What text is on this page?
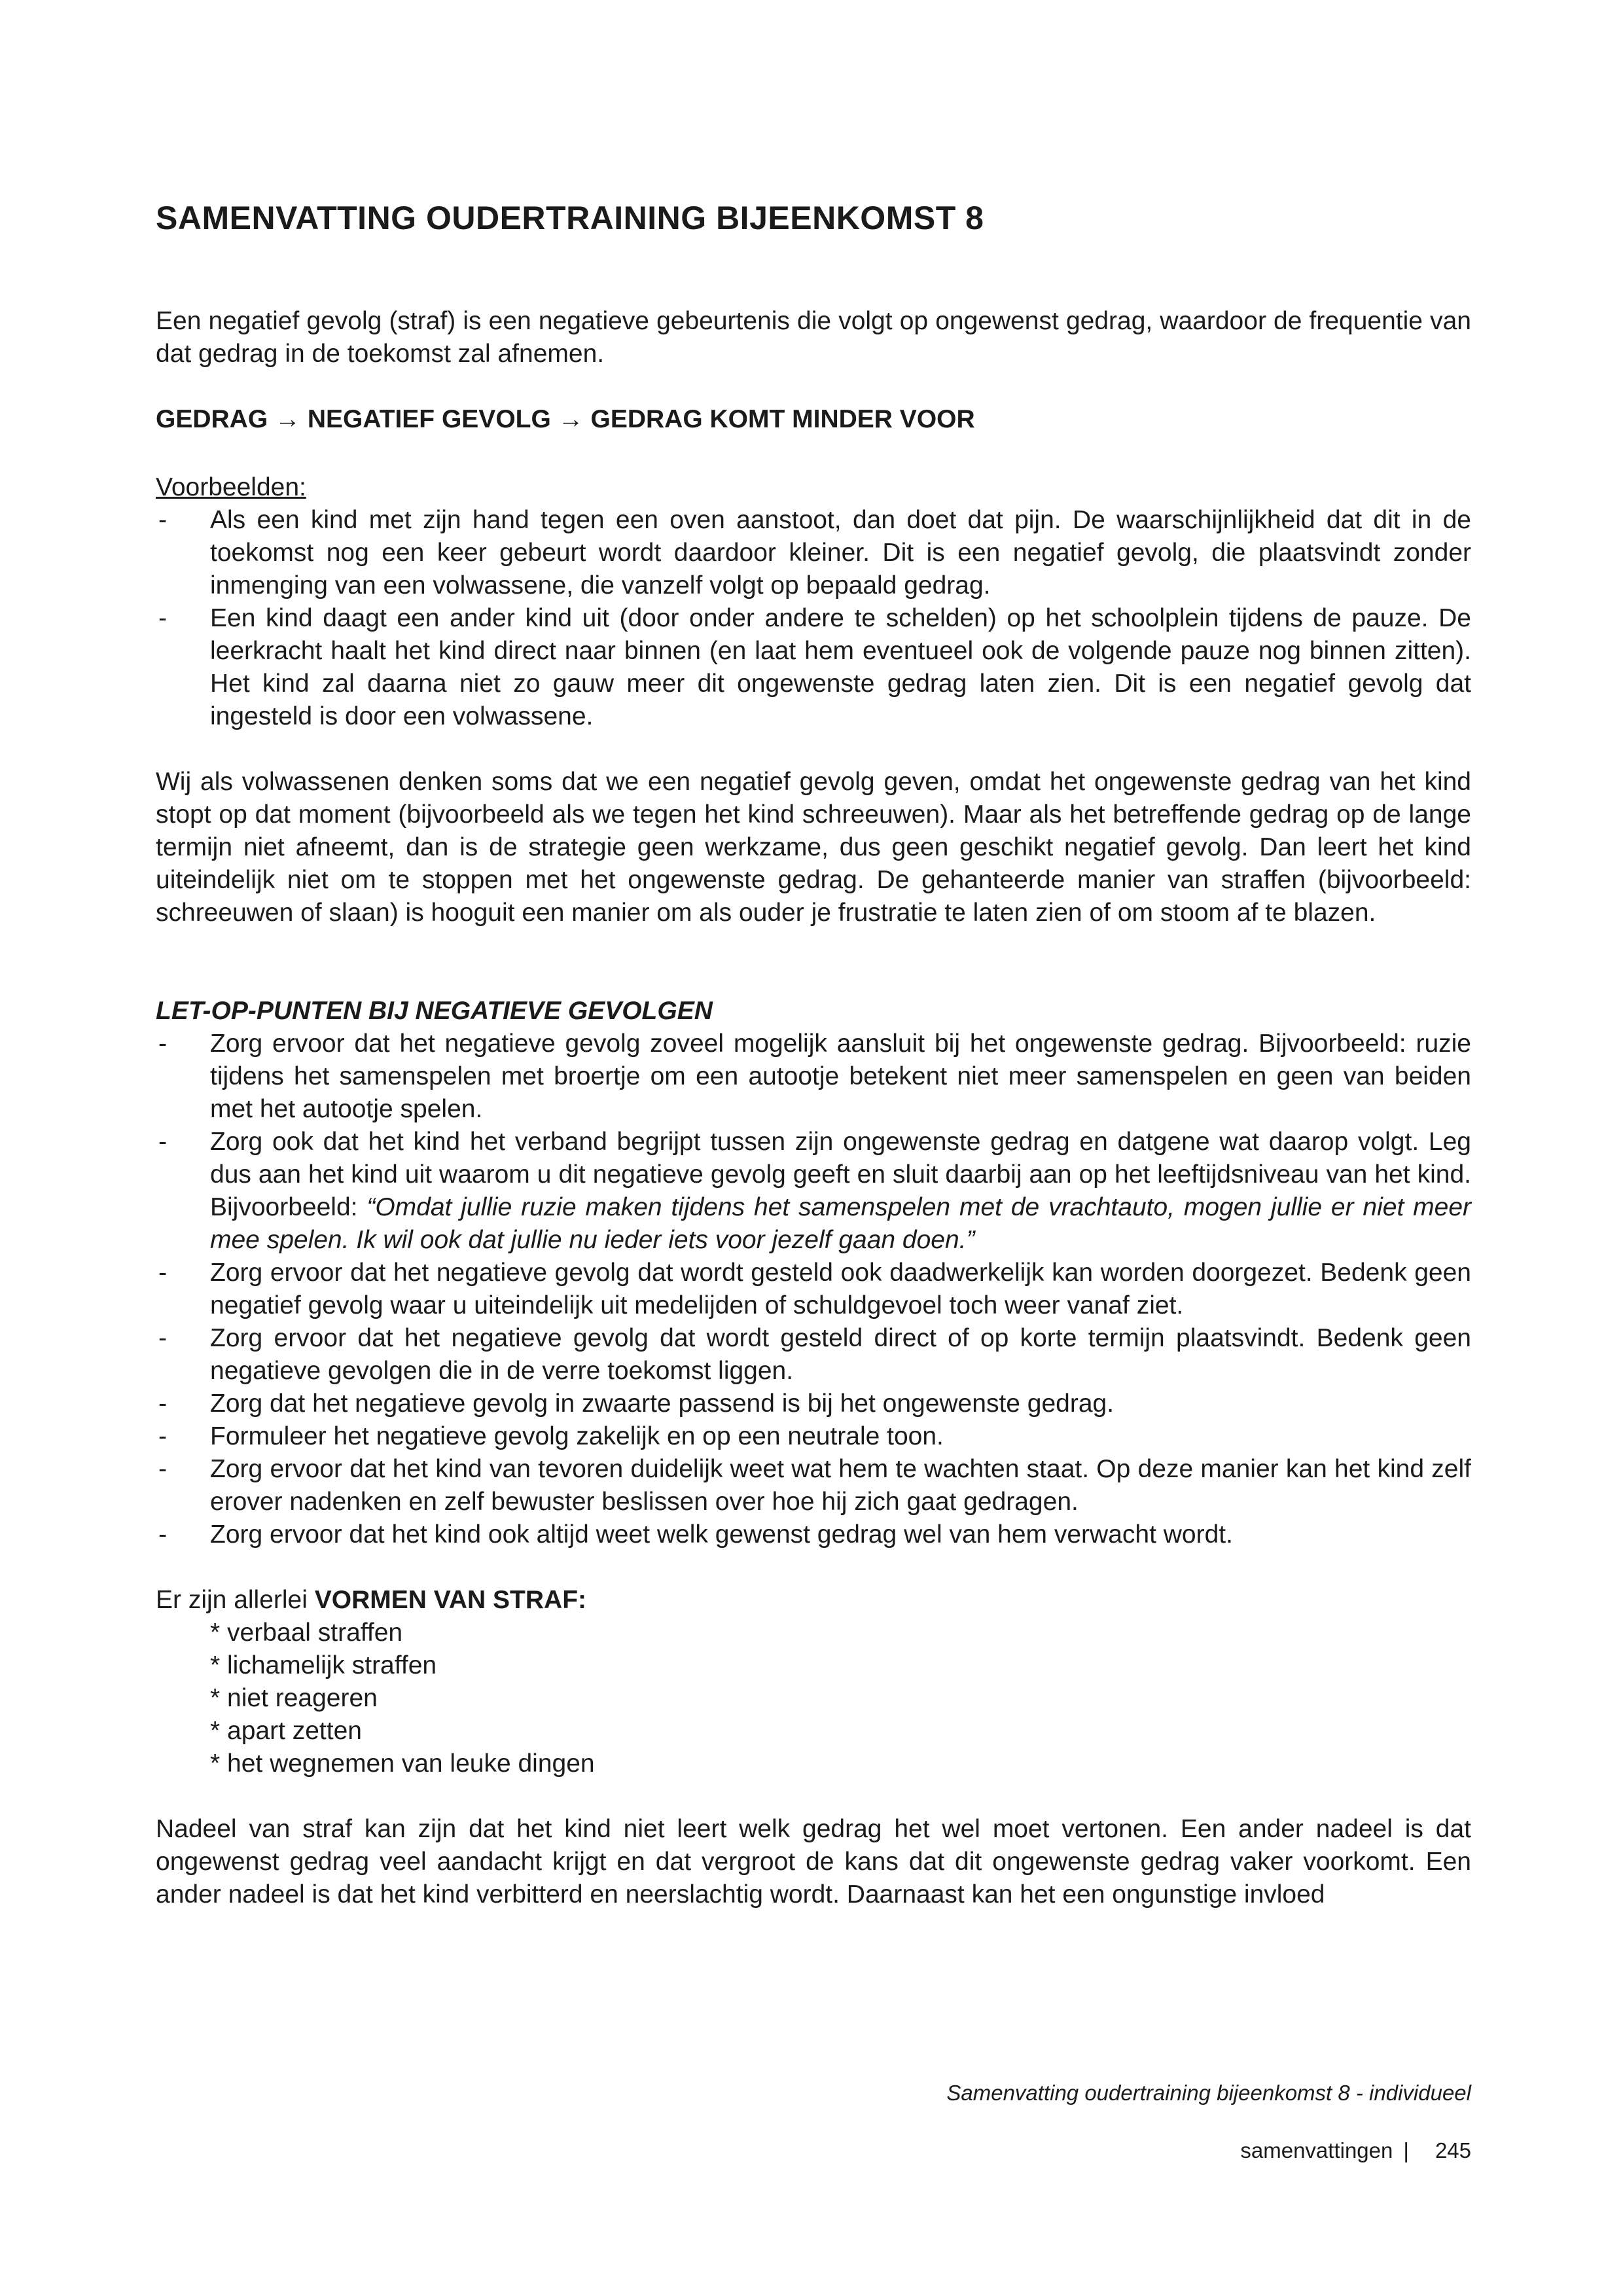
SAMENVATTING OUDERTRAINING BIJEENKOMST 8

Een negatief gevolg (straf) is een negatieve gebeurtenis die volgt op ongewenst gedrag, waardoor de frequentie van dat gedrag in de toekomst zal afnemen.

GEDRAG → NEGATIEF GEVOLG → GEDRAG KOMT MINDER VOOR
Voorbeelden:
- Als een kind met zijn hand tegen een oven aanstoot, dan doet dat pijn. De waarschijnlijkheid dat dit in de toekomst nog een keer gebeurt wordt daardoor kleiner. Dit is een negatief gevolg, die plaatsvindt zonder inmenging van een volwassene, die vanzelf volgt op bepaald gedrag.
- Een kind daagt een ander kind uit (door onder andere te schelden) op het schoolplein tijdens de pauze. De leerkracht haalt het kind direct naar binnen (en laat hem eventueel ook de volgende pauze nog binnen zitten). Het kind zal daarna niet zo gauw meer dit ongewenste gedrag laten zien. Dit is een negatief gevolg dat ingesteld is door een volwassene.

Wij als volwassenen denken soms dat we een negatief gevolg geven, omdat het ongewenste gedrag van het kind stopt op dat moment (bijvoorbeeld als we tegen het kind schreeuwen). Maar als het betreffende gedrag op de lange termijn niet afneemt, dan is de strategie geen werkzame, dus geen geschikt negatief gevolg. Dan leert het kind uiteindelijk niet om te stoppen met het ongewenste gedrag. De gehanteerde manier van straffen (bijvoorbeeld: schreeuwen of slaan) is hooguit een manier om als ouder je frustratie te laten zien of om stoom af te blazen.

LET-OP-PUNTEN BIJ NEGATIEVE GEVOLGEN
- Zorg ervoor dat het negatieve gevolg zoveel mogelijk aansluit bij het ongewenste gedrag. Bijvoorbeeld: ruzie tijdens het samenspelen met broertje om een autootje betekent niet meer samenspelen en geen van beiden met het autootje spelen.
- Zorg ook dat het kind het verband begrijpt tussen zijn ongewenste gedrag en datgene wat daarop volgt. Leg dus aan het kind uit waarom u dit negatieve gevolg geeft en sluit daarbij aan op het leeftijdsniveau van het kind. Bijvoorbeeld: “Omdat jullie ruzie maken tijdens het samenspelen met de vrachtauto, mogen jullie er niet meer mee spelen. Ik wil ook dat jullie nu ieder iets voor jezelf gaan doen.”
- Zorg ervoor dat het negatieve gevolg dat wordt gesteld ook daadwerkelijk kan worden doorgezet. Bedenk geen negatief gevolg waar u uiteindelijk uit medelijden of schuldgevoel toch weer vanaf ziet.
- Zorg ervoor dat het negatieve gevolg dat wordt gesteld direct of op korte termijn plaatsvindt. Bedenk geen negatieve gevolgen die in de verre toekomst liggen.
- Zorg dat het negatieve gevolg in zwaarte passend is bij het ongewenste gedrag.
- Formuleer het negatieve gevolg zakelijk en op een neutrale toon.
- Zorg ervoor dat het kind van tevoren duidelijk weet wat hem te wachten staat. Op deze manier kan het kind zelf erover nadenken en zelf bewuster beslissen over hoe hij zich gaat gedragen.
- Zorg ervoor dat het kind ook altijd weet welk gewenst gedrag wel van hem verwacht wordt.
Er zijn allerlei VORMEN VAN STRAF:
* verbaal straffen
* lichamelijk straffen
* niet reageren
* apart zetten
* het wegnemen van leuke dingen

Nadeel van straf kan zijn dat het kind niet leert welk gedrag het wel moet vertonen. Een ander nadeel is dat ongewenst gedrag veel aandacht krijgt en dat vergroot de kans dat dit ongewenste gedrag vaker voorkomt. Een ander nadeel is dat het kind verbitterd en neerslachtig wordt. Daarnaast kan het een ongunstige invloed

Samenvatting oudertraining bijeenkomst 8 - individueel
samenvattingen | 245
